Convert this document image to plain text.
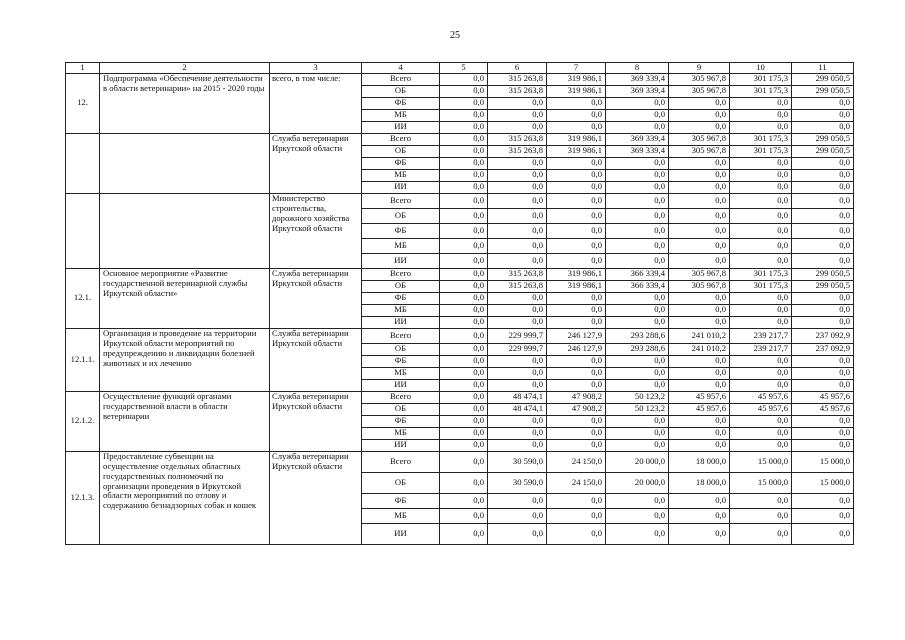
25
1	2	3	4	5	6	7	8	9	10	11
12.	Подпрограмма «Обеспечение деятельности в области ветеринарии» на 2015 - 2020 годы	всего, в том числе:	Всего	0,0	315 263,8	319 986,1	369 339,4	305 967,8	301 175,3	299 050,5
			ОБ	0,0	315 263,8	319 986,1	369 339,4	305 967,8	301 175,3	299 050,5
			ФБ	0,0	0,0	0,0	0,0	0,0	0,0	0,0
			МБ	0,0	0,0	0,0	0,0	0,0	0,0	0,0
			ИИ	0,0	0,0	0,0	0,0	0,0	0,0	0,0
		Служба ветеринарии Иркутской области	Всего	0,0	315 263,8	319 986,1	369 339,4	305 967,8	301 175,3	299 050,5
			ОБ	0,0	315 263,8	319 986,1	369 339,4	305 967,8	301 175,3	299 050,5
			ФБ	0,0	0,0	0,0	0,0	0,0	0,0	0,0
			МБ	0,0	0,0	0,0	0,0	0,0	0,0	0,0
			ИИ	0,0	0,0	0,0	0,0	0,0	0,0	0,0
		Министерство строительства, дорожного хозяйства Иркутской области	Всего	0,0	0,0	0,0	0,0	0,0	0,0	0,0
			ОБ	0,0	0,0	0,0	0,0	0,0	0,0	0,0
			ФБ	0,0	0,0	0,0	0,0	0,0	0,0	0,0
			МБ	0,0	0,0	0,0	0,0	0,0	0,0	0,0
			ИИ	0,0	0,0	0,0	0,0	0,0	0,0	0,0
12.1.	Основное мероприятие «Развитие государственной ветеринарной службы Иркутской области»	Служба ветеринарии Иркутской области	Всего	0,0	315 263,8	319 986,1	366 339,4	305 967,8	301 175,3	299 050,5
			ОБ	0,0	315 263,8	319 986,1	366 339,4	305 967,8	301 175,3	299 050,5
			ФБ	0,0	0,0	0,0	0,0	0,0	0,0	0,0
			МБ	0,0	0,0	0,0	0,0	0,0	0,0	0,0
			ИИ	0,0	0,0	0,0	0,0	0,0	0,0	0,0
12.1.1.	Организация и проведение на территории Иркутской области мероприятий по предупреждению и ликвидации болезней животных и их лечению	Служба ветеринарии Иркутской области	Всего	0,0	229 999,7	246 127,9	293 288,6	241 010,2	239 217,7	237 092,9
			ОБ	0,0	229 999,7	246 127,9	293 288,6	241 010,2	239 217,7	237 092,9
			ФБ	0,0	0,0	0,0	0,0	0,0	0,0	0,0
			МБ	0,0	0,0	0,0	0,0	0,0	0,0	0,0
			ИИ	0,0	0,0	0,0	0,0	0,0	0,0	0,0
12.1.2.	Осуществление функций органами государственной власти в области ветеринарии	Служба ветеринарии Иркутской области	Всего	0,0	48 474,1	47 908,2	50 123,2	45 957,6	45 957,6	45 957,6
			ОБ	0,0	48 474,1	47 908,2	50 123,2	45 957,6	45 957,6	45 957,6
			ФБ	0,0	0,0	0,0	0,0	0,0	0,0	0,0
			МБ	0,0	0,0	0,0	0,0	0,0	0,0	0,0
			ИИ	0,0	0,0	0,0	0,0	0,0	0,0	0,0
12.1.3.	Предоставление субвенции на осуществление отдельных областных государственных полномочий по организации проведения в Иркутской области мероприятий по отлову и содержанию безнадзорных собак и кошек	Служба ветеринарии Иркутской области	Всего	0,0	30 590,0	24 150,0	20 000,0	18 000,0	15 000,0	15 000,0
			ОБ	0,0	30 590,0	24 150,0	20 000,0	18 000,0	15 000,0	15 000,0
			ФБ	0,0	0,0	0,0	0,0	0,0	0,0	0,0
			МБ	0,0	0,0	0,0	0,0	0,0	0,0	0,0
			ИИ	0,0	0,0	0,0	0,0	0,0	0,0	0,0
